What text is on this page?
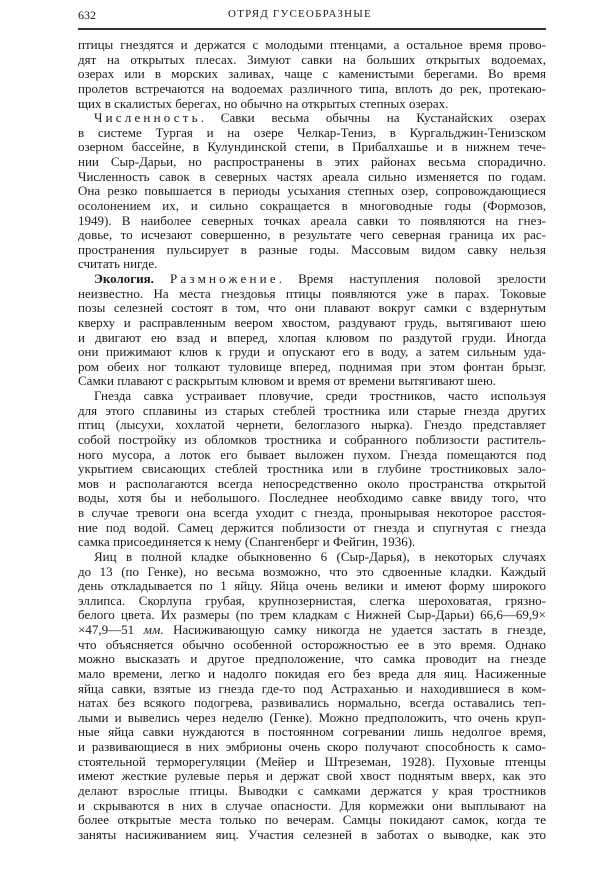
632	ОТРЯД ГУСЕОБРАЗНЫЕ
птицы гнездятся и держатся с молодыми птенцами, а остальное время прово-
дят на открытых плесах. Зимуют савки на больших открытых водоемах,
озерах или в морских заливах, чаще с каменистыми берегами. Во время
пролетов встречаются на водоемах различного типа, вплоть до рек, протекаю-
щих в скалистых берегах, но обычно на открытых степных озерах.
Численность. Савки весьма обычны на Кустанайских озерах
в системе Тургая и на озере Челкар-Тениз, в Кургальджин-Тенизском
озерном бассейне, в Кулундинской степи, в Прибалхашье и в нижнем тече-
нии Сыр-Дарьи, но распространены в этих районах весьма спорадично.
Численность савок в северных частях ареала сильно изменяется по годам.
Она резко повышается в периоды усыхания степных озер, сопровождающиеся
осолонением их, и сильно сокращается в многоводные годы (Формозов,
1949). В наиболее северных точках ареала савки то появляются на гнез-
довье, то исчезают совершенно, в результате чего северная граница их рас-
пространения пульсирует в разные годы. Массовым видом савку нельзя
считать нигде.
Экология. Размножение. Время наступления половой зрелости
неизвестно. На места гнездовья птицы появляются уже в парах. Токовые
позы селезней состоят в том, что они плавают вокруг самки с вздернутым
кверху и расправленным веером хвостом, раздувают грудь, вытягивают шею
и двигают ею взад и вперед, хлопая клювом по раздутой груди. Иногда
они прижимают клюв к груди и опускают его в воду, а затем сильным уда-
ром обеих ног толкают туловище вперед, поднимая при этом фонтан брызг.
Самки плавают с раскрытым клювом и время от времени вытягивают шею.
Гнезда савка устраивает пловучие, среди тростников, часто используя
для этого сплавины из старых стеблей тростника или старые гнезда других
птиц (лысухи, хохлатой чернети, белоглазого нырка). Гнездо представляет
собой постройку из обломков тростника и собранного поблизости раститель-
ного мусора, а лоток его бывает выложен пухом. Гнезда помещаются под
укрытием свисающих стеблей тростника или в глубине тростниковых зало-
мов и располагаются всегда непосредственно около пространства открытой
воды, хотя бы и небольшого. Последнее необходимо савке ввиду того, что
в случае тревоги она всегда уходит с гнезда, пронырывая некоторое расстоя-
ние под водой. Самец держится поблизости от гнезда и спугнутая с гнезда
самка присоединяется к нему (Спангенберг и Фейгин, 1936).
Яиц в полной кладке обыкновенно 6 (Сыр-Дарья), в некоторых случаях
до 13 (по Генке), но весьма возможно, что это сдвоенные кладки. Каждый
день откладывается по 1 яйцу. Яйца очень велики и имеют форму широкого
эллипса. Скорлупа грубая, крупнозернистая, слегка шероховатая, грязно-
белого цвета. Их размеры (по трем кладкам с Нижней Сыр-Дарьи) 66,6—69,9×
×47,9—51 мм. Насиживающую самку никогда не удается застать в гнезде,
что объясняется обычно особенной осторожностью ее в это время. Однако
можно высказать и другое предположение, что самка проводит на гнезде
мало времени, легко и надолго покидая его без вреда для яиц. Насиженные
яйца савки, взятые из гнезда где-то под Астраханью и находившиеся в ком-
натах без всякого подогрева, развивались нормально, всегда оставались теп-
лыми и вывелись через неделю (Генке). Можно предположить, что очень круп-
ные яйца савки нуждаются в постоянном согревании лишь недолгое время,
и развивающиеся в них эмбрионы очень скоро получают способность к само-
стоятельной терморегуляции (Мейер и Штреземан, 1928). Пуховые птенцы
имеют жесткие рулевые перья и держат свой хвост поднятым вверх, как это
делают взрослые птицы. Выводки с самками держатся у края тростников
и скрываются в них в случае опасности. Для кормежки они выплывают на
более открытые места только по вечерам. Самцы покидают самок, когда те
заняты насиживанием яиц. Участия селезней в заботах о выводке, как это
